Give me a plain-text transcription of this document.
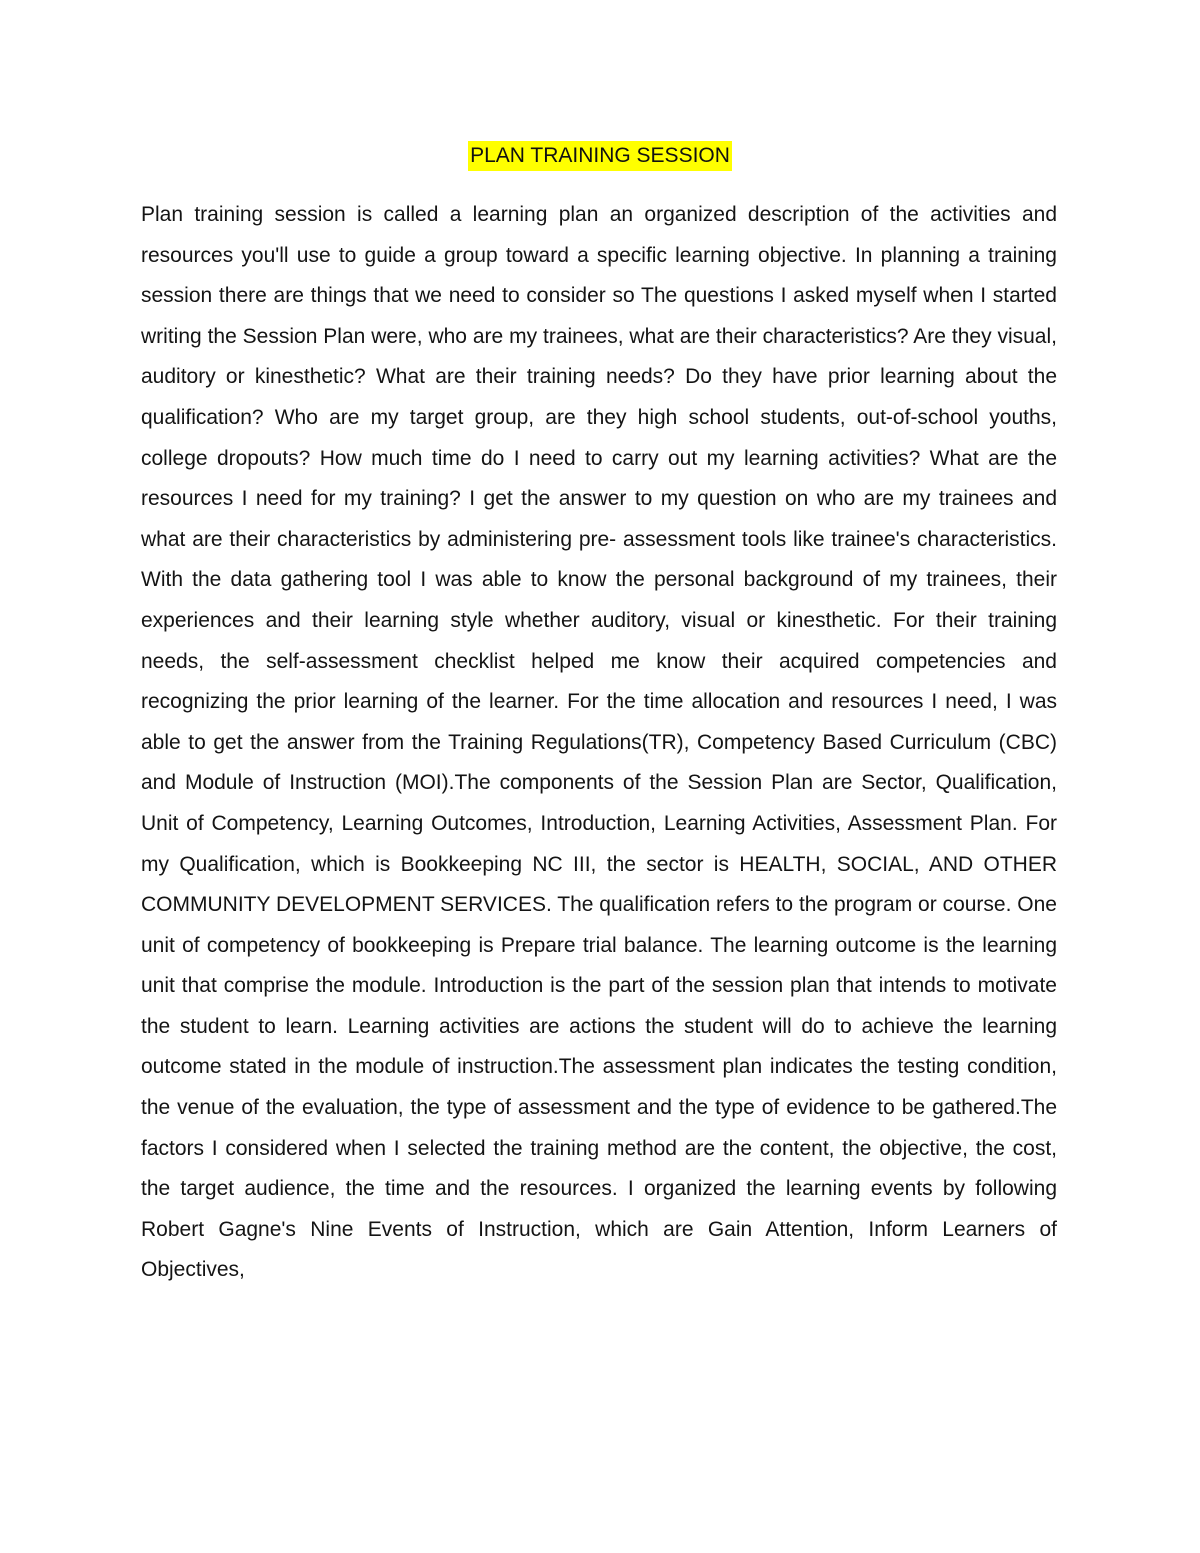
PLAN TRAINING SESSION

Plan training session is called a learning plan an organized description of the activities and resources you'll use to guide a group toward a specific learning objective. In planning a training session there are things that we need to consider so The questions I asked myself when I started writing the Session Plan were, who are my trainees, what are their characteristics? Are they visual, auditory or kinesthetic? What are their training needs? Do they have prior learning about the qualification? Who are my target group, are they high school students, out-of-school youths, college dropouts? How much time do I need to carry out my learning activities? What are the resources I need for my training? I get the answer to my question on who are my trainees and what are their characteristics by administering pre- assessment tools like trainee's characteristics. With the data gathering tool I was able to know the personal background of my trainees, their experiences and their learning style whether auditory, visual or kinesthetic. For their training needs, the self-assessment checklist helped me know their acquired competencies and recognizing the prior learning of the learner. For the time allocation and resources I need, I was able to get the answer from the Training Regulations(TR), Competency Based Curriculum (CBC) and Module of Instruction (MOI).The components of the Session Plan are Sector, Qualification, Unit of Competency, Learning Outcomes, Introduction, Learning Activities, Assessment Plan. For my Qualification, which is Bookkeeping NC III, the sector is HEALTH, SOCIAL, AND OTHER COMMUNITY DEVELOPMENT SERVICES. The qualification refers to the program or course. One unit of competency of bookkeeping is Prepare trial balance. The learning outcome is the learning unit that comprise the module. Introduction is the part of the session plan that intends to motivate the student to learn. Learning activities are actions the student will do to achieve the learning outcome stated in the module of instruction.The assessment plan indicates the testing condition, the venue of the evaluation, the type of assessment and the type of evidence to be gathered.The factors I considered when I selected the training method are the content, the objective, the cost, the target audience, the time and the resources. I organized the learning events by following Robert Gagne's Nine Events of Instruction, which are Gain Attention, Inform Learners of Objectives,
